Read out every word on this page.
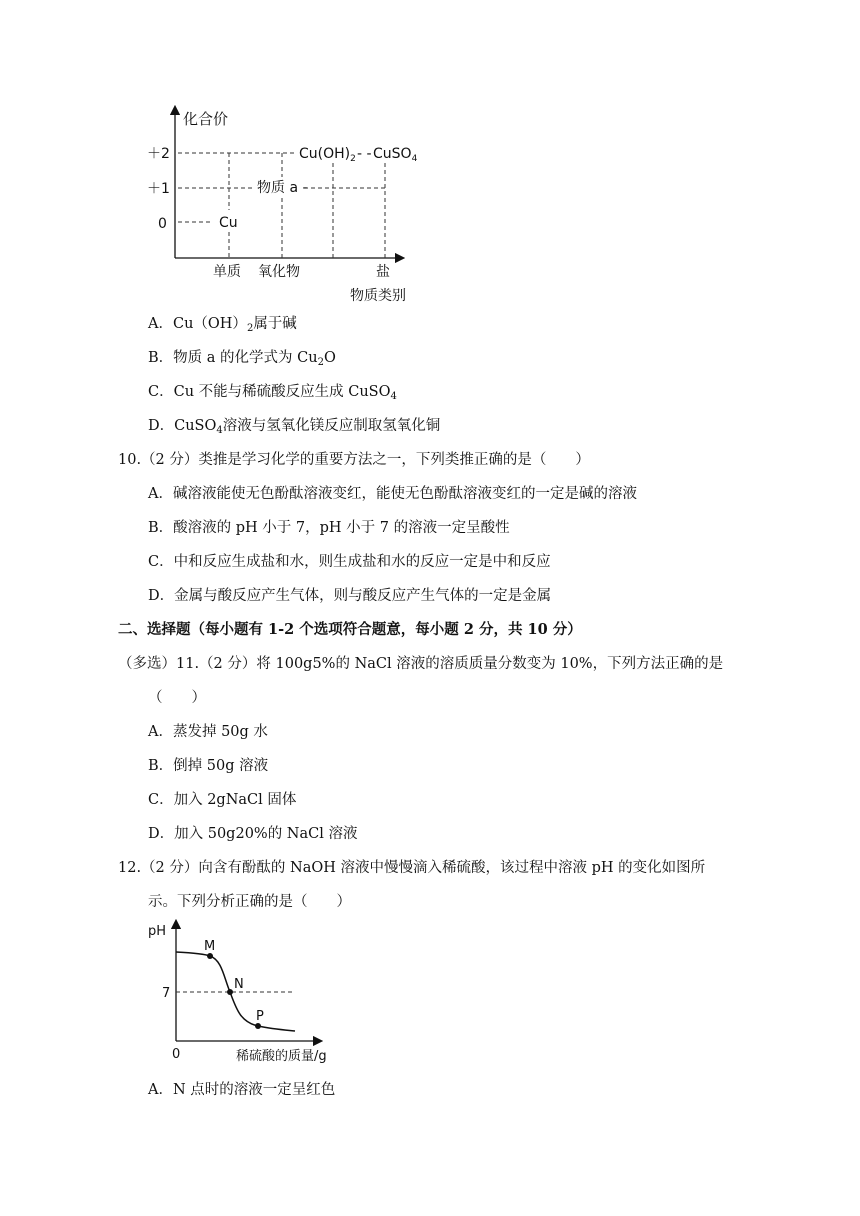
化合价
＋2
＋1
0
$Cu(OH)_2$ - - CuSO$_4$
物质 a -
Cu
单质 氧化物	盐
物质类别
A．$Cu(OH)_2$属于碱
B．物质 a 的化学式为 $Cu_2O$
C．Cu 不能与稀硫酸反应生成 CuSO$_4$
D．CuSO$_4$溶液与氢氧化镁反应制取氢氧化铜
10.（2 分）类推是学习化学的重要方法之一，下列类推正确的是（　　）
A．碱溶液能使无色酚酞溶液变红，能使无色酚酞溶液变红的一定是碱的溶液
B．酸溶液的 pH 小于 7，pH 小于 7 的溶液一定呈酸性
C．中和反应生成盐和水，则生成盐和水的反应一定是中和反应
D．金属与酸反应产生气体，则与酸反应产生气体的一定是金属
二、选择题（每小题有 1-2 个选项符合题意，每小题 2 分，共 10 分）
（多选）11.（2 分）将 100g5%的 NaCl 溶液的溶质质量分数变为 10%，下列方法正确的是
（　　）
A．蒸发掉 50g 水
B．倒掉 50g 溶液
C．加入 2gNaCl 固体
D．加入 50g20%的 NaCl 溶液
12.（2 分）向含有酚酞的 NaOH 溶液中慢慢滴入稀硫酸，该过程中溶液 pH 的变化如图所
示。下列分析正确的是（　　）
pH
7
0
M
N
P
稀硫酸的质量/g
A．N 点时的溶液一定呈红色
